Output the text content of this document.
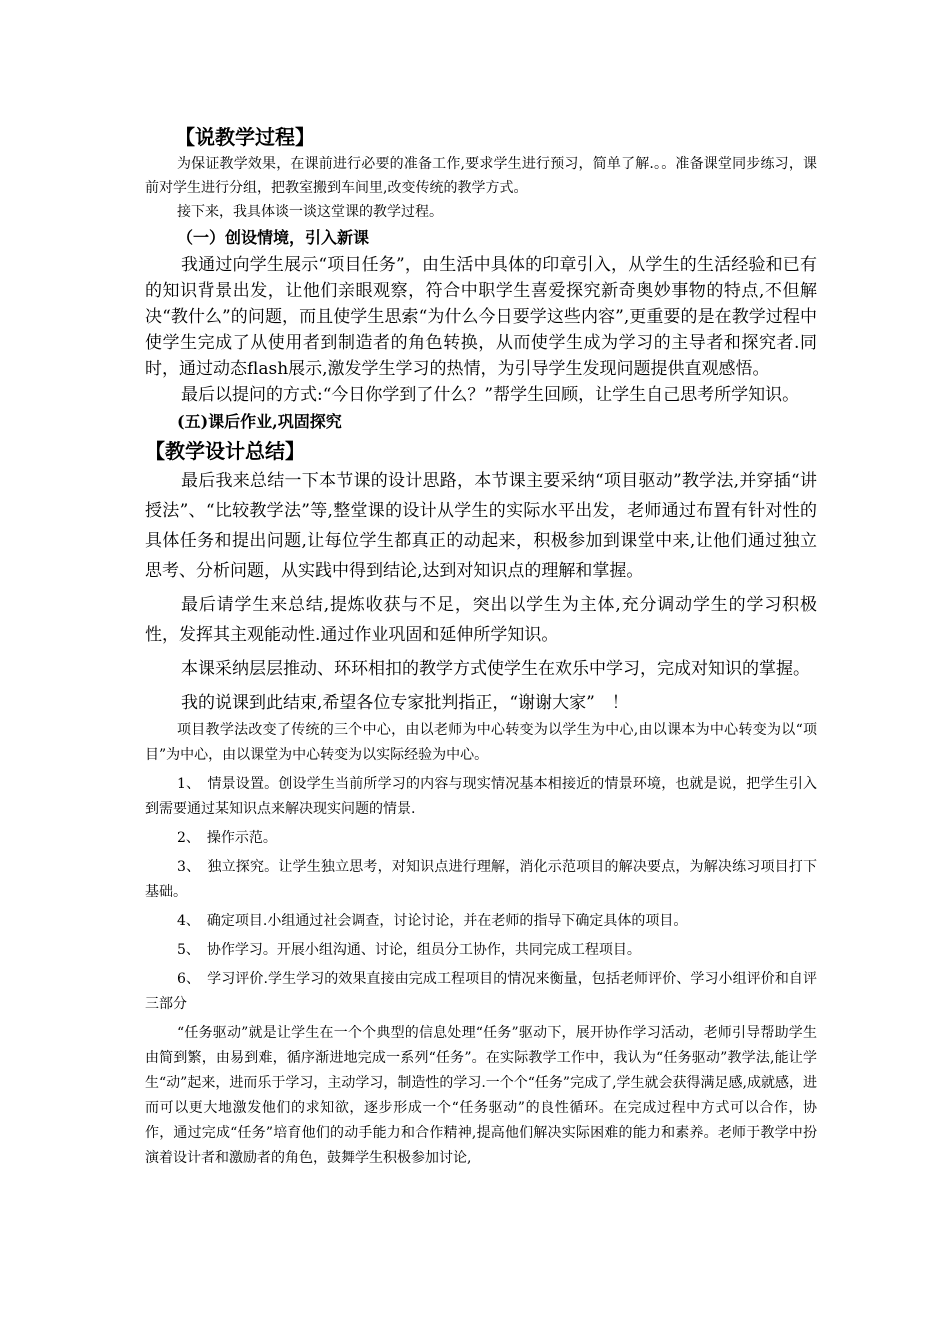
【说教学过程】

为保证教学效果，在课前进行必要的准备工作,要求学生进行预习，简单了解.。。准备课堂同步练习，课前对学生进行分组，把教室搬到车间里,改变传统的教学方式。

接下来，我具体谈一谈这堂课的教学过程。

（一）创设情境，引入新课

我通过向学生展示“项目任务”，由生活中具体的印章引入，从学生的生活经验和已有的知识背景出发，让他们亲眼观察，符合中职学生喜爱探究新奇奥妙事物的特点,不但解决“教什么”的问题，而且使学生思索“为什么今日要学这些内容”,更重要的是在教学过程中使学生完成了从使用者到制造者的角色转换，从而使学生成为学习的主导者和探究者.同时，通过动态flash展示,激发学生学习的热情，为引导学生发现问题提供直观感悟。

最后以提问的方式:“今日你学到了什么？”帮学生回顾，让学生自己思考所学知识。

(五)课后作业,巩固探究

【教学设计总结】

最后我来总结一下本节课的设计思路，本节课主要采纳“项目驱动”教学法,并穿插“讲授法”、“比较教学法”等,整堂课的设计从学生的实际水平出发，老师通过布置有针对性的具体任务和提出问题,让每位学生都真正的动起来，积极参加到课堂中来,让他们通过独立思考、分析问题，从实践中得到结论,达到对知识点的理解和掌握。

最后请学生来总结,提炼收获与不足，突出以学生为主体,充分调动学生的学习积极性，发挥其主观能动性.通过作业巩固和延伸所学知识。

本课采纳层层推动、环环相扣的教学方式使学生在欢乐中学习，完成对知识的掌握。

我的说课到此结束,希望各位专家批判指正，“谢谢大家”　！

项目教学法改变了传统的三个中心，由以老师为中心转变为以学生为中心,由以课本为中心转变为以“项目”为中心，由以课堂为中心转变为以实际经验为中心。

1、　情景设置。创设学生当前所学习的内容与现实情况基本相接近的情景环境，也就是说，把学生引入到需要通过某知识点来解决现实问题的情景.

2、　操作示范。

3、　独立探究。让学生独立思考，对知识点进行理解，消化示范项目的解决要点，为解决练习项目打下基础。

4、　确定项目.小组通过社会调查，讨论讨论，并在老师的指导下确定具体的项目。

5、　协作学习。开展小组沟通、讨论，组员分工协作，共同完成工程项目。

6、　学习评价.学生学习的效果直接由完成工程项目的情况来衡量，包括老师评价、学习小组评价和自评三部分

“任务驱动”就是让学生在一个个典型的信息处理“任务”驱动下，展开协作学习活动，老师引导帮助学生由简到繁，由易到难，循序渐进地完成一系列“任务”。在实际教学工作中，我认为“任务驱动”教学法,能让学生“动”起来，进而乐于学习，主动学习，制造性的学习.一个个“任务”完成了,学生就会获得满足感,成就感，进而可以更大地激发他们的求知欲，逐步形成一个“任务驱动”的良性循环。在完成过程中方式可以合作，协作，通过完成“任务”培育他们的动手能力和合作精神,提高他们解决实际困难的能力和素养。老师于教学中扮演着设计者和激励者的角色，鼓舞学生积极参加讨论,
